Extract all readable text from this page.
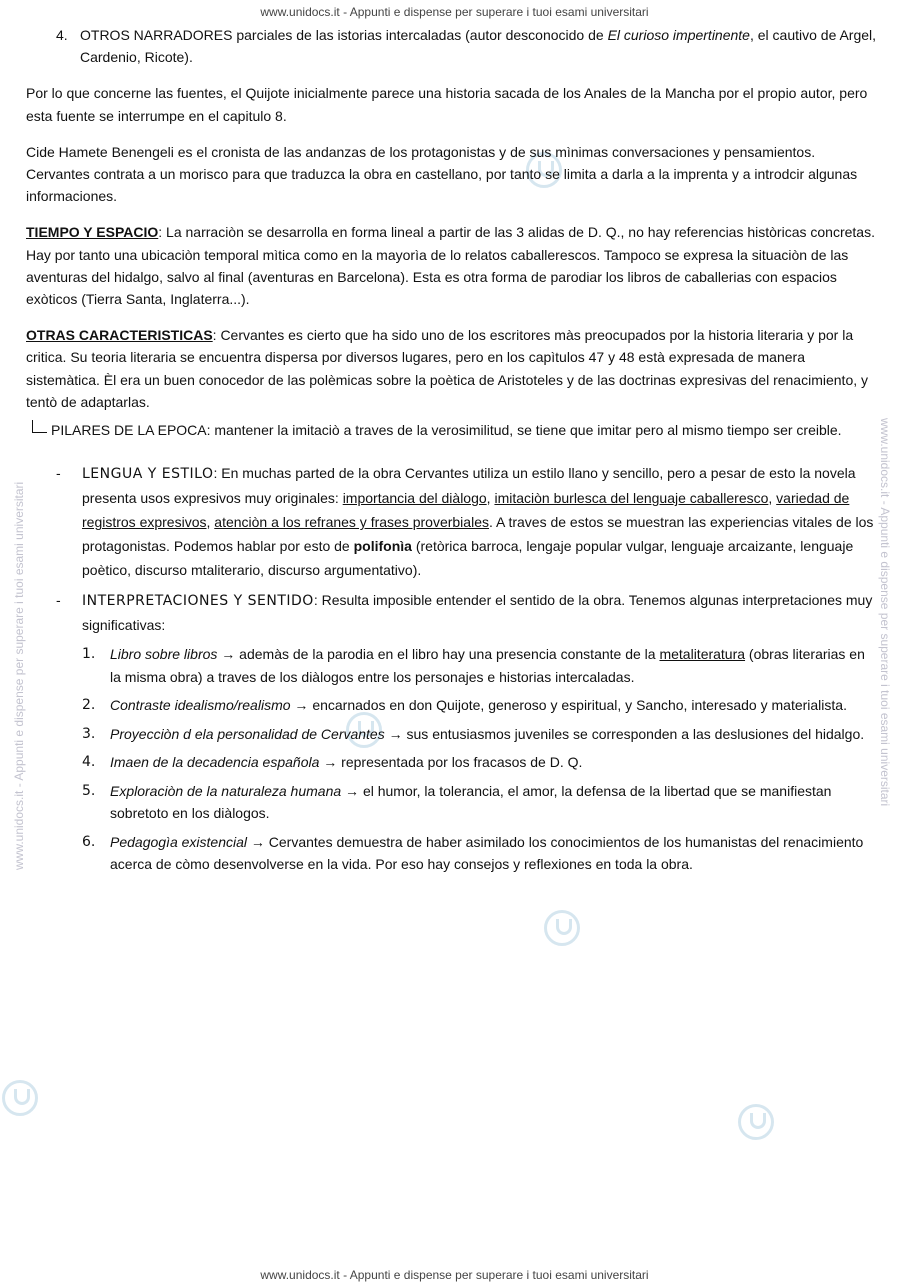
www.unidocs.it - Appunti e dispense per superare i tuoi esami universitari
www.unidocs.it - Appunti e dispense per superare i tuoi esami universitari
www.unidocs.it - Appunti e dispense per superare i tuoi esami universitari	www.unidocs.it - Appunti e dispense per superare i tuoi esami universitari
4. OTROS NARRADORES parciales de las istorias intercaladas (autor desconocido de El curioso impertinente, el cautivo de Argel, Cardenio, Ricote).

Por lo que concerne las fuentes, el Quijote inicialmente parece una historia sacada de los Anales de la Mancha por el propio autor, pero esta fuente se interrumpe en el capitulo 8.

Cide Hamete Benengeli es el cronista de las andanzas de los protagonistas y de sus mìnimas conversaciones y pensamientos. Cervantes contrata a un morisco para que traduzca la obra en castellano, por tanto se limita a darla a la imprenta y a introdcir algunas informaciones.

TIEMPO Y ESPACIO: La narraciòn se desarrolla en forma lineal a partir de las 3 alidas de D. Q., no hay referencias històricas concretas. Hay por tanto una ubicaciòn temporal mìtica como en la mayorìa de lo relatos caballerescos. Tampoco se expresa la situaciòn de las aventuras del hidalgo, salvo al final (aventuras en Barcelona). Esta es otra forma de parodiar los libros de caballerias con espacios exòticos (Tierra Santa, Inglaterra...).

OTRAS CARACTERISTICAS: Cervantes es cierto que ha sido uno de los escritores màs preocupados por la historia literaria y por la critica. Su teoria literaria se encuentra dispersa por diversos lugares, pero en los capìtulos 47 y 48 està expresada de manera sistemàtica. Èl era un buen conocedor de las polèmicas sobre la poètica de Aristoteles y de las doctrinas expresivas del renacimiento, y tentò de adaptarlas.

PILARES DE LA EPOCA: mantener la imitaciò a traves de la verosimilitud, se tiene que imitar pero al mismo tiempo ser creible.

-	LENGUA Y ESTILO: En muchas parted de la obra Cervantes utiliza un estilo llano y sencillo, pero a pesar de esto la novela presenta usos expresivos muy originales: importancia del diàlogo, imitaciòn burlesca del lenguaje caballeresco, variedad de registros expresivos, atenciòn a los refranes y frases proverbiales. A traves de estos se muestran las experiencias vitales de los protagonistas. Podemos hablar por esto de polifonìa (retòrica barroca, lengaje popular vulgar, lenguaje arcaizante, lenguaje poètico, discurso mtaliterario, discurso argumentativo).
-	INTERPRETACIONES Y SENTIDO: Resulta imposible entender el sentido de la obra. Tenemos algunas interpretaciones muy significativas:
1.	Libro sobre libros → ademàs de la parodia en el libro hay una presencia constante de la metaliteratura (obras literarias en la misma obra) a traves de los diàlogos entre los personajes e historias intercaladas.
2.	Contraste idealismo/realismo → encarnados en don Quijote, generoso y espiritual, y Sancho, interesado y materialista.
3.	Proyecciòn d ela personalidad de Cervantes → sus entusiasmos juveniles se corresponden a las deslusiones del hidalgo.
4.	Imaen de la decadencia española → representada por los fracasos de D. Q.
5.	Exploraciòn de la naturaleza humana → el humor, la tolerancia, el amor, la defensa de la libertad que se manifiestan sobretoto en los diàlogos.
6.	Pedagogìa existencial → Cervantes demuestra de haber asimilado los conocimientos de los humanistas del renacimiento acerca de còmo desenvolverse en la vida. Por eso hay consejos y reflexiones en toda la obra.
